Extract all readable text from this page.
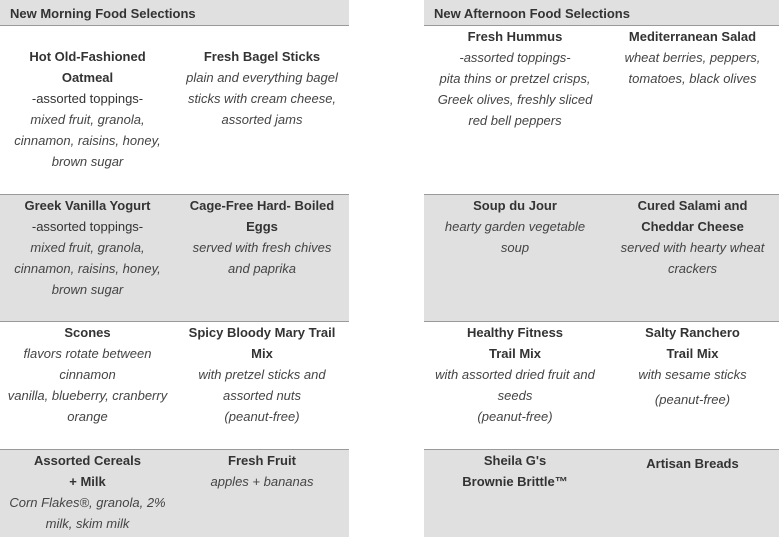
New Morning Food Selections
Hot Old-Fashioned
Oatmeal
-assorted toppings-
mixed fruit, granola,
cinnamon, raisins, honey,
brown sugar
Fresh Bagel Sticks
plain and everything bagel
sticks with cream cheese,
assorted jams
Greek Vanilla Yogurt
-assorted toppings-
mixed fruit, granola,
cinnamon, raisins, honey,
brown sugar
Cage-Free Hard- Boiled
Eggs
served with fresh chives
and paprika
Scones
flavors rotate between
cinnamon
vanilla, blueberry, cranberry
orange
Spicy Bloody Mary Trail
Mix
with pretzel sticks and
assorted nuts
(peanut-free)
Assorted Cereals
+ Milk
Corn Flakes®, granola, 2%
milk, skim milk
Fresh Fruit
apples + bananas
New Afternoon Food Selections
Fresh Hummus
-assorted toppings-
pita thins or pretzel crisps,
Greek olives, freshly sliced
red bell peppers
Mediterranean Salad
wheat berries, peppers,
tomatoes, black olives
Soup du Jour
hearty garden vegetable
soup
Cured Salami and
Cheddar Cheese
served with hearty wheat
crackers
Healthy Fitness
Trail Mix
with assorted dried fruit and
seeds
(peanut-free)
Salty Ranchero
Trail Mix
with sesame sticks
(peanut-free)
Sheila G's
Brownie Brittle™
Artisan Breads
